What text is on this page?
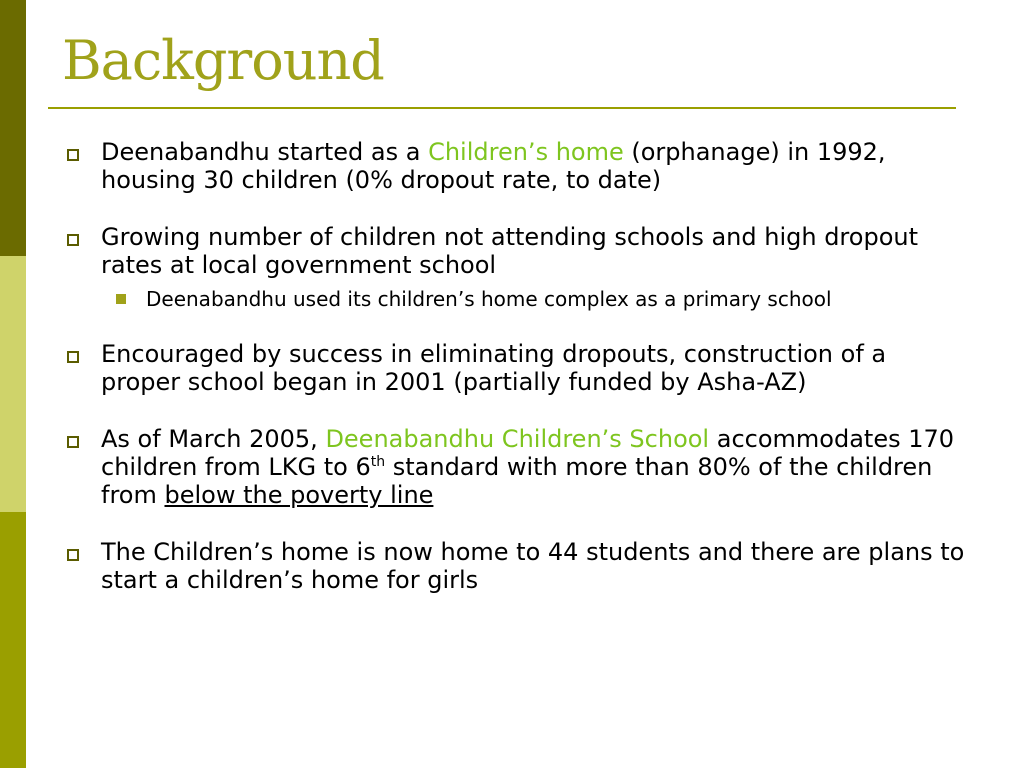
Background
Deenabandhu started as a Children’s home (orphanage) in 1992, housing 30 children (0% dropout rate, to date)
Growing number of children not attending schools and high dropout rates at local government school
Deenabandhu used its children’s home complex as a primary school
Encouraged by success in eliminating dropouts, construction of a proper school began in 2001 (partially funded by Asha-AZ)
As of March 2005, Deenabandhu Children’s School accommodates 170 children from LKG to 6th standard with more than 80% of the children from below the poverty line
The Children’s home is now home to 44 students and there are plans to start a children’s home for girls
